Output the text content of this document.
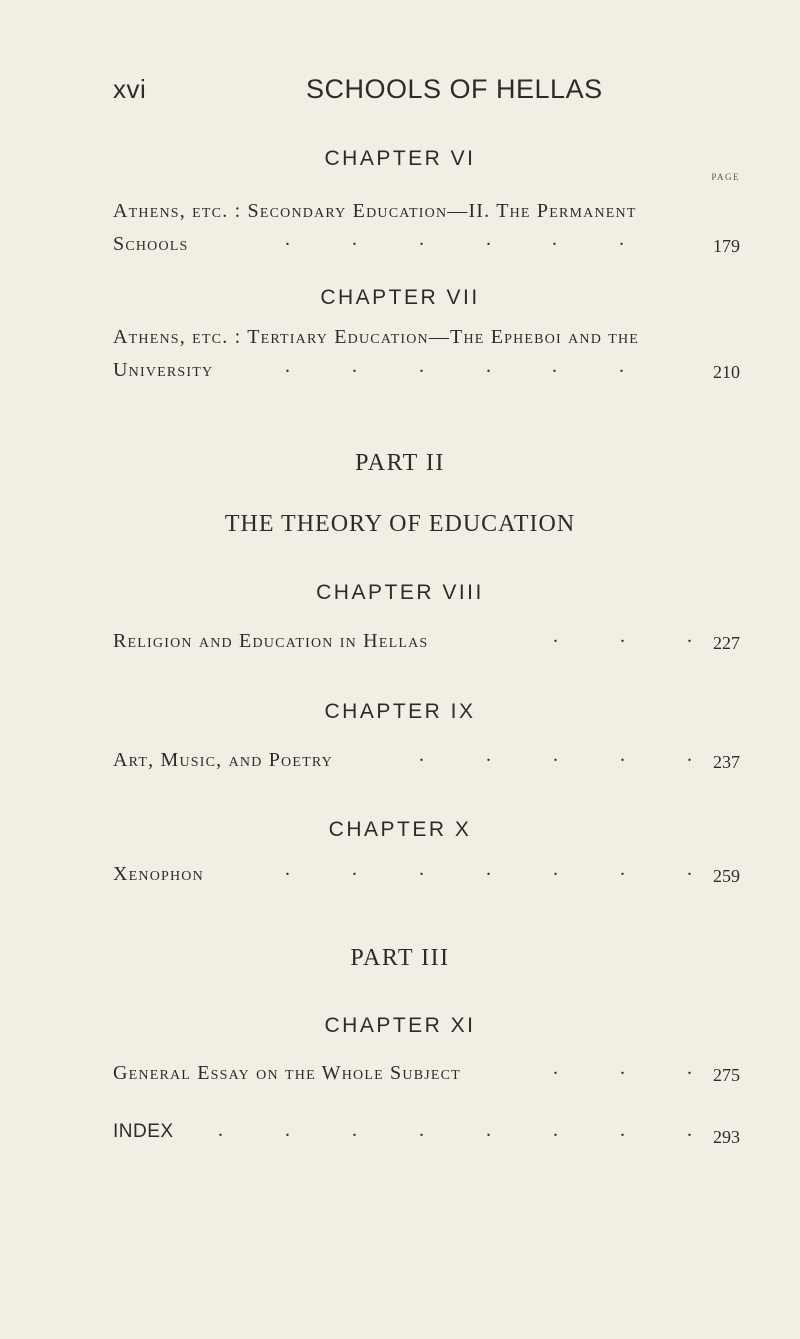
xvi	SCHOOLS OF HELLAS
CHAPTER VI
PAGE
Athens, etc. : Secondary Education—II. The Permanent
Schools	.	.	.	.	.	.	179
CHAPTER VII
Athens, etc. : Tertiary Education—The Epheboi and the
University	.	.	.	.	.	.	210
PART II
THE THEORY OF EDUCATION
CHAPTER VIII
Religion and Education in Hellas	.	.	. 227
CHAPTER IX
Art, Music, and Poetry	.	.	.	.	. 237
CHAPTER X
Xenophon	.	.	.	.	.	.	. 259
PART III
CHAPTER XI
General Essay on the Whole Subject	.	.	. 275
INDEX .	.	.	.	.	.	.	. 293
